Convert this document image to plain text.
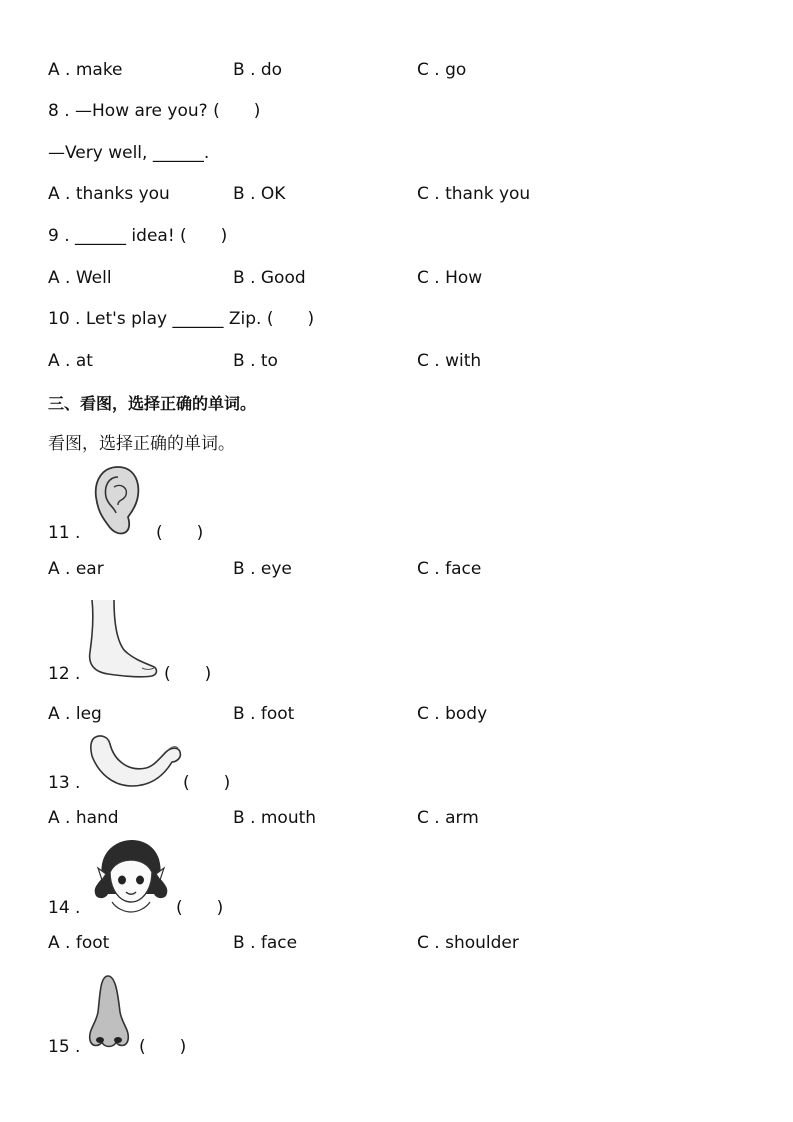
A . make	B . do	C . go
8 . —How are you? (　　)
—Very well, ______.
A . thanks you	B . OK	C . thank you
9 . ______ idea! (　　)
A . Well	B . Good	C . How
10 . Let's play ______ Zip. (　　)
A . at	B . to	C . with
三、看图，选择正确的单词。
看图，选择正确的单词。
11 .	(　　)
A . ear	B . eye	C . face
12 .	(　　)
A . leg	B . foot	C . body
13 .	(　　)
A . hand	B . mouth	C . arm
14 .	(　　)
A . foot	B . face	C . shoulder
15 .	(　　)
